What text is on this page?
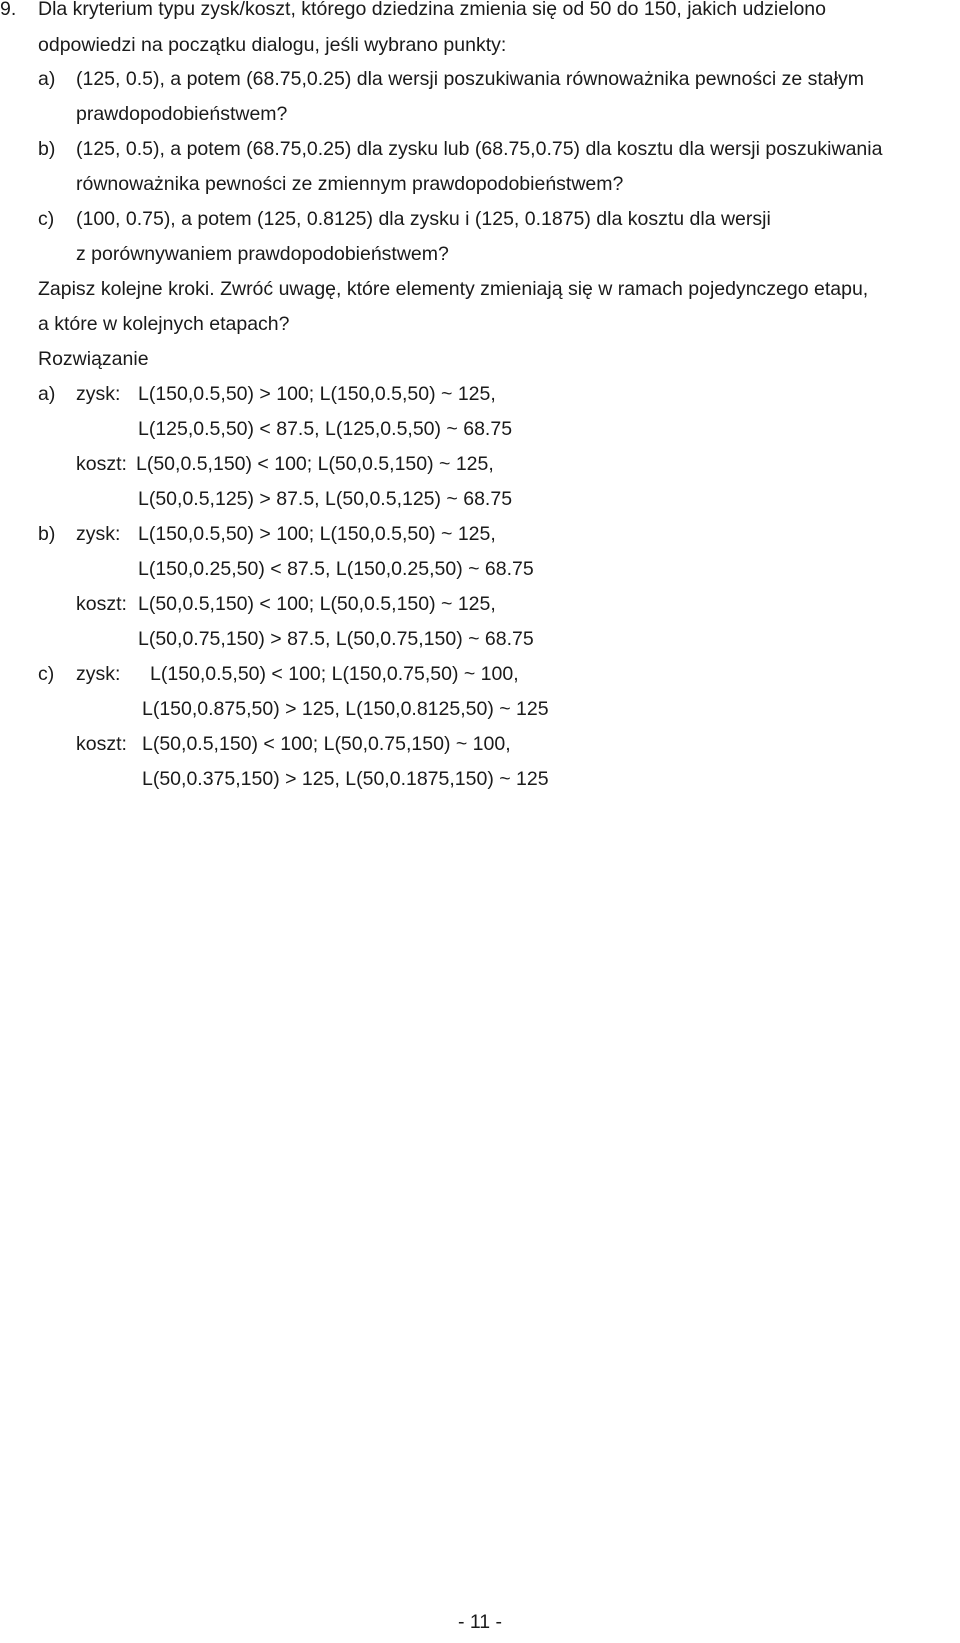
9. Dla kryterium typu zysk/koszt, którego dziedzina zmienia się od 50 do 150, jakich udzielono
odpowiedzi na początku dialogu, jeśli wybrano punkty:
a) (125, 0.5), a potem (68.75,0.25) dla wersji poszukiwania równoważnika pewności ze stałym
prawdopodobieństwem?
b) (125, 0.5), a potem (68.75,0.25) dla zysku lub (68.75,0.75) dla kosztu dla wersji poszukiwania
równoważnika pewności ze zmiennym prawdopodobieństwem?
c) (100, 0.75), a potem (125, 0.8125) dla zysku i (125, 0.1875) dla kosztu dla wersji
z porównywaniem prawdopodobieństwem?
Zapisz kolejne kroki. Zwróć uwagę, które elementy zmieniają się w ramach pojedynczego etapu,
a które w kolejnych etapach?
Rozwiązanie
a) zysk: L(150,0.5,50) > 100; L(150,0.5,50) ~ 125,
L(125,0.5,50) < 87.5, L(125,0.5,50) ~ 68.75
koszt: L(50,0.5,150) < 100; L(50,0.5,150) ~ 125,
L(50,0.5,125) > 87.5, L(50,0.5,125) ~ 68.75
b) zysk: L(150,0.5,50) > 100; L(150,0.5,50) ~ 125,
L(150,0.25,50) < 87.5, L(150,0.25,50) ~ 68.75
koszt: L(50,0.5,150) < 100; L(50,0.5,150) ~ 125,
L(50,0.75,150) > 87.5, L(50,0.75,150) ~ 68.75
c) zysk: L(150,0.5,50) < 100; L(150,0.75,50) ~ 100,
L(150,0.875,50) > 125, L(150,0.8125,50) ~ 125
koszt: L(50,0.5,150) < 100; L(50,0.75,150) ~ 100,
L(50,0.375,150) > 125, L(50,0.1875,150) ~ 125
- 11 -
